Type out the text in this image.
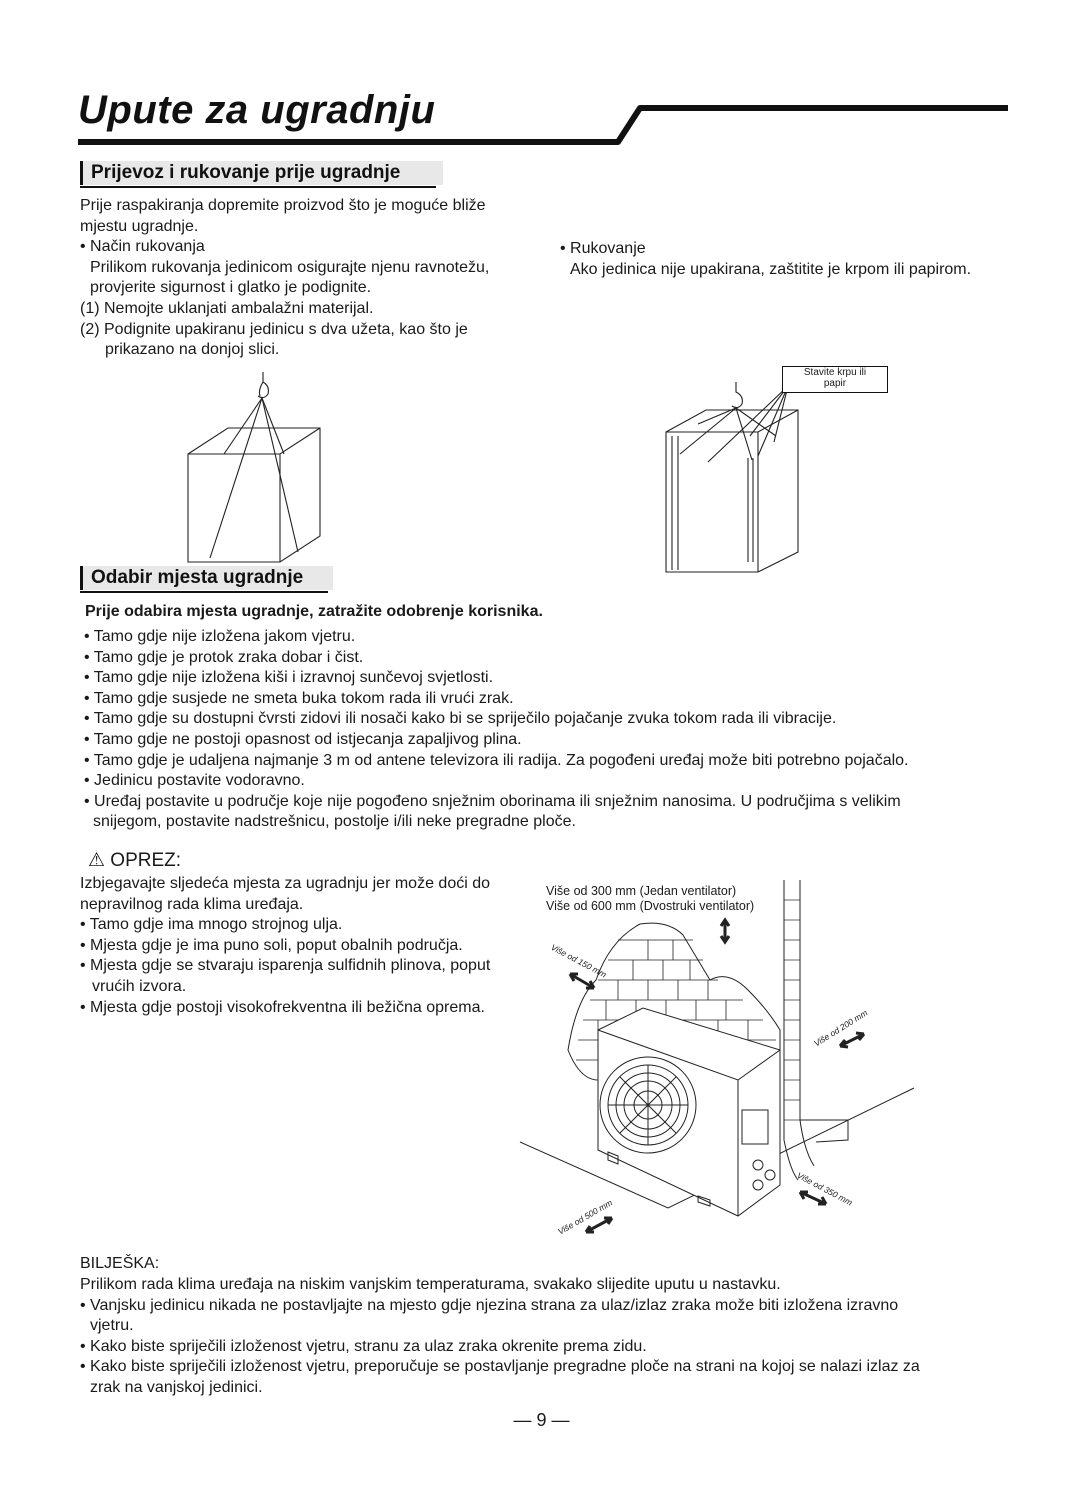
Upute za ugradnju
Prijevoz i rukovanje prije ugradnje
Prije raspakiranja dopremite proizvod što je moguće bliže
mjestu ugradnje.
• Način rukovanja
Prilikom rukovanja jedinicom osigurajte njenu ravnotežu,
provjerite sigurnost i glatko je podignite.
(1) Nemojte uklanjati ambalažni materijal.
(2) Podignite upakiranu jedinicu s dva užeta, kao što je
prikazano na donjoj slici.
• Rukovanje
Ako jedinica nije upakirana, zaštitite je krpom ili papirom.
Stavite krpu ili
papir
Odabir mjesta ugradnje
Prije odabira mjesta ugradnje, zatražite odobrenje korisnika.
• Tamo gdje nije izložena jakom vjetru.
• Tamo gdje je protok zraka dobar i čist.
• Tamo gdje nije izložena kiši i izravnoj sunčevoj svjetlosti.
• Tamo gdje susjede ne smeta buka tokom rada ili vrući zrak.
• Tamo gdje su dostupni čvrsti zidovi ili nosači kako bi se spriječilo pojačanje zvuka tokom rada ili vibracije.
• Tamo gdje ne postoji opasnost od istjecanja zapaljivog plina.
• Tamo gdje je udaljena najmanje 3 m od antene televizora ili radija. Za pogođeni uređaj može biti potrebno pojačalo.
• Jedinicu postavite vodoravno.
• Uređaj postavite u područje koje nije pogođeno snježnim oborinama ili snježnim nanosima. U područjima s velikim
snijegom, postavite nadstrešnicu, postolje i/ili neke pregradne ploče.
⚠ OPREZ:
Izbjegavajte sljedeća mjesta za ugradnju jer može doći do
nepravilnog rada klima uređaja.
• Tamo gdje ima mnogo strojnog ulja.
• Mjesta gdje je ima puno soli, poput obalnih područja.
• Mjesta gdje se stvaraju isparenja sulfidnih plinova, poput
vrućih izvora.
• Mjesta gdje postoji visokofrekventna ili bežična oprema.
Više od 300 mm (Jedan ventilator)
Više od 600 mm (Dvostruki ventilator)
Više od 150 mm
Više od 200 mm
Više od 350 mm
Više od 500 mm
BILJEŠKA:
Prilikom rada klima uređaja na niskim vanjskim temperaturama, svakako slijedite uputu u nastavku.
• Vanjsku jedinicu nikada ne postavljajte na mjesto gdje njezina strana za ulaz/izlaz zraka može biti izložena izravno
vjetru.
• Kako biste spriječili izloženost vjetru, stranu za ulaz zraka okrenite prema zidu.
• Kako biste spriječili izloženost vjetru, preporučuje se postavljanje pregradne ploče na strani na kojoj se nalazi izlaz za
zrak na vanjskoj jedinici.
— 9 —
